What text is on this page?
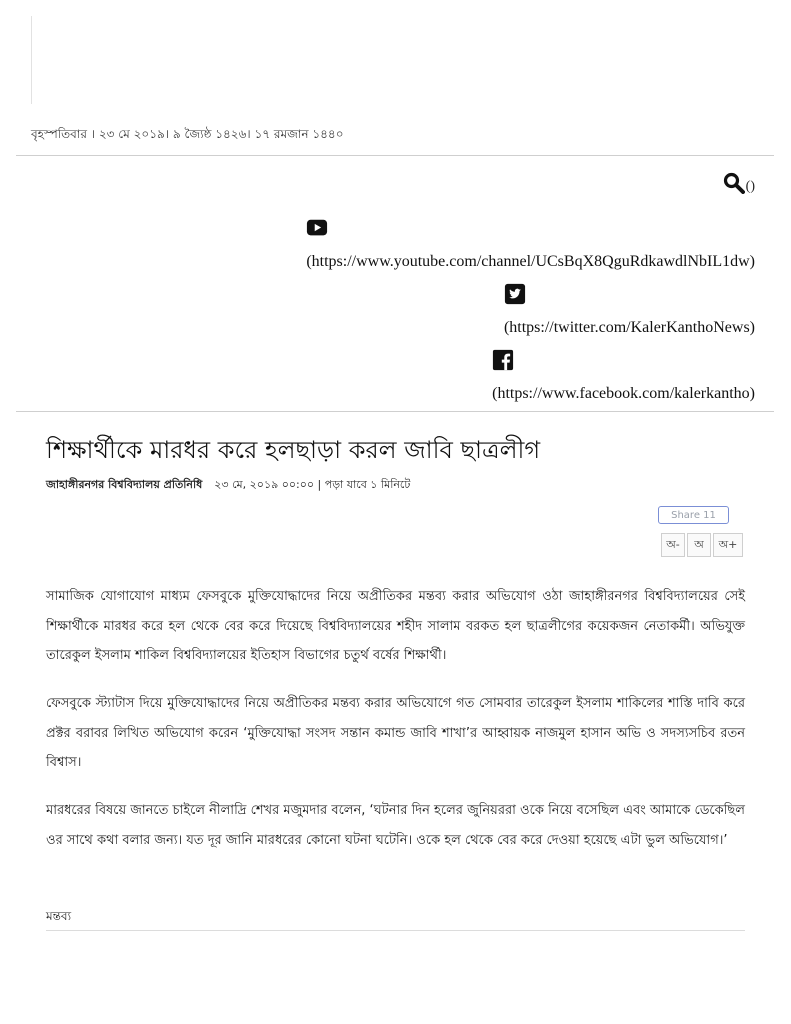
বৃহস্পতিবার । ২৩ মে ২০১৯। ৯ জ্যৈষ্ঠ ১৪২৬। ১৭ রমজান ১৪৪০
()
(https://www.youtube.com/channel/UCsBqX8QguRdkawdlNbIL1dw)
(https://twitter.com/KalerKanthoNews)
(https://www.facebook.com/kalerkantho)
শিক্ষার্থীকে মারধর করে হলছাড়া করল জাবি ছাত্রলীগ
জাহাঙ্গীরনগর বিশ্ববিদ্যালয় প্রতিনিধি ২৩ মে, ২০১৯ ০০:০০ | পড়া যাবে ১ মিনিটে
Share 11
অ-	অ	অ+

সামাজিক যোগাযোগ মাধ্যম ফেসবুকে মুক্তিযোদ্ধাদের নিয়ে অপ্রীতিকর মন্তব্য করার অভিযোগ ওঠা জাহাঙ্গীরনগর বিশ্ববিদ্যালয়ের সেই শিক্ষার্থীকে মারধর করে হল থেকে বের করে দিয়েছে বিশ্ববিদ্যালয়ের শহীদ সালাম বরকত হল ছাত্রলীগের কয়েকজন নেতাকর্মী। অভিযুক্ত তারেকুল ইসলাম শাকিল বিশ্ববিদ্যালয়ের ইতিহাস বিভাগের চতুর্থ বর্ষের শিক্ষার্থী।

ফেসবুকে স্ট্যাটাস দিয়ে মুক্তিযোদ্ধাদের নিয়ে অপ্রীতিকর মন্তব্য করার অভিযোগে গত সোমবার তারেকুল ইসলাম শাকিলের শাস্তি দাবি করে প্রক্টর বরাবর লিখিত অভিযোগ করেন ‘মুক্তিযোদ্ধা সংসদ সন্তান কমান্ড জাবি শাখা’র আহ্বায়ক নাজমুল হাসান অভি ও সদস্যসচিব রতন বিশ্বাস।

মারধরের বিষয়ে জানতে চাইলে নীলাদ্রি শেখর মজুমদার বলেন, ‘ঘটনার দিন হলের জুনিয়ররা ওকে নিয়ে বসেছিল এবং আমাকে ডেকেছিল ওর সাথে কথা বলার জন্য। যত দূর জানি মারধরের কোনো ঘটনা ঘটেনি। ওকে হল থেকে বের করে দেওয়া হয়েছে এটা ভুল অভিযোগ।’

মন্তব্য
